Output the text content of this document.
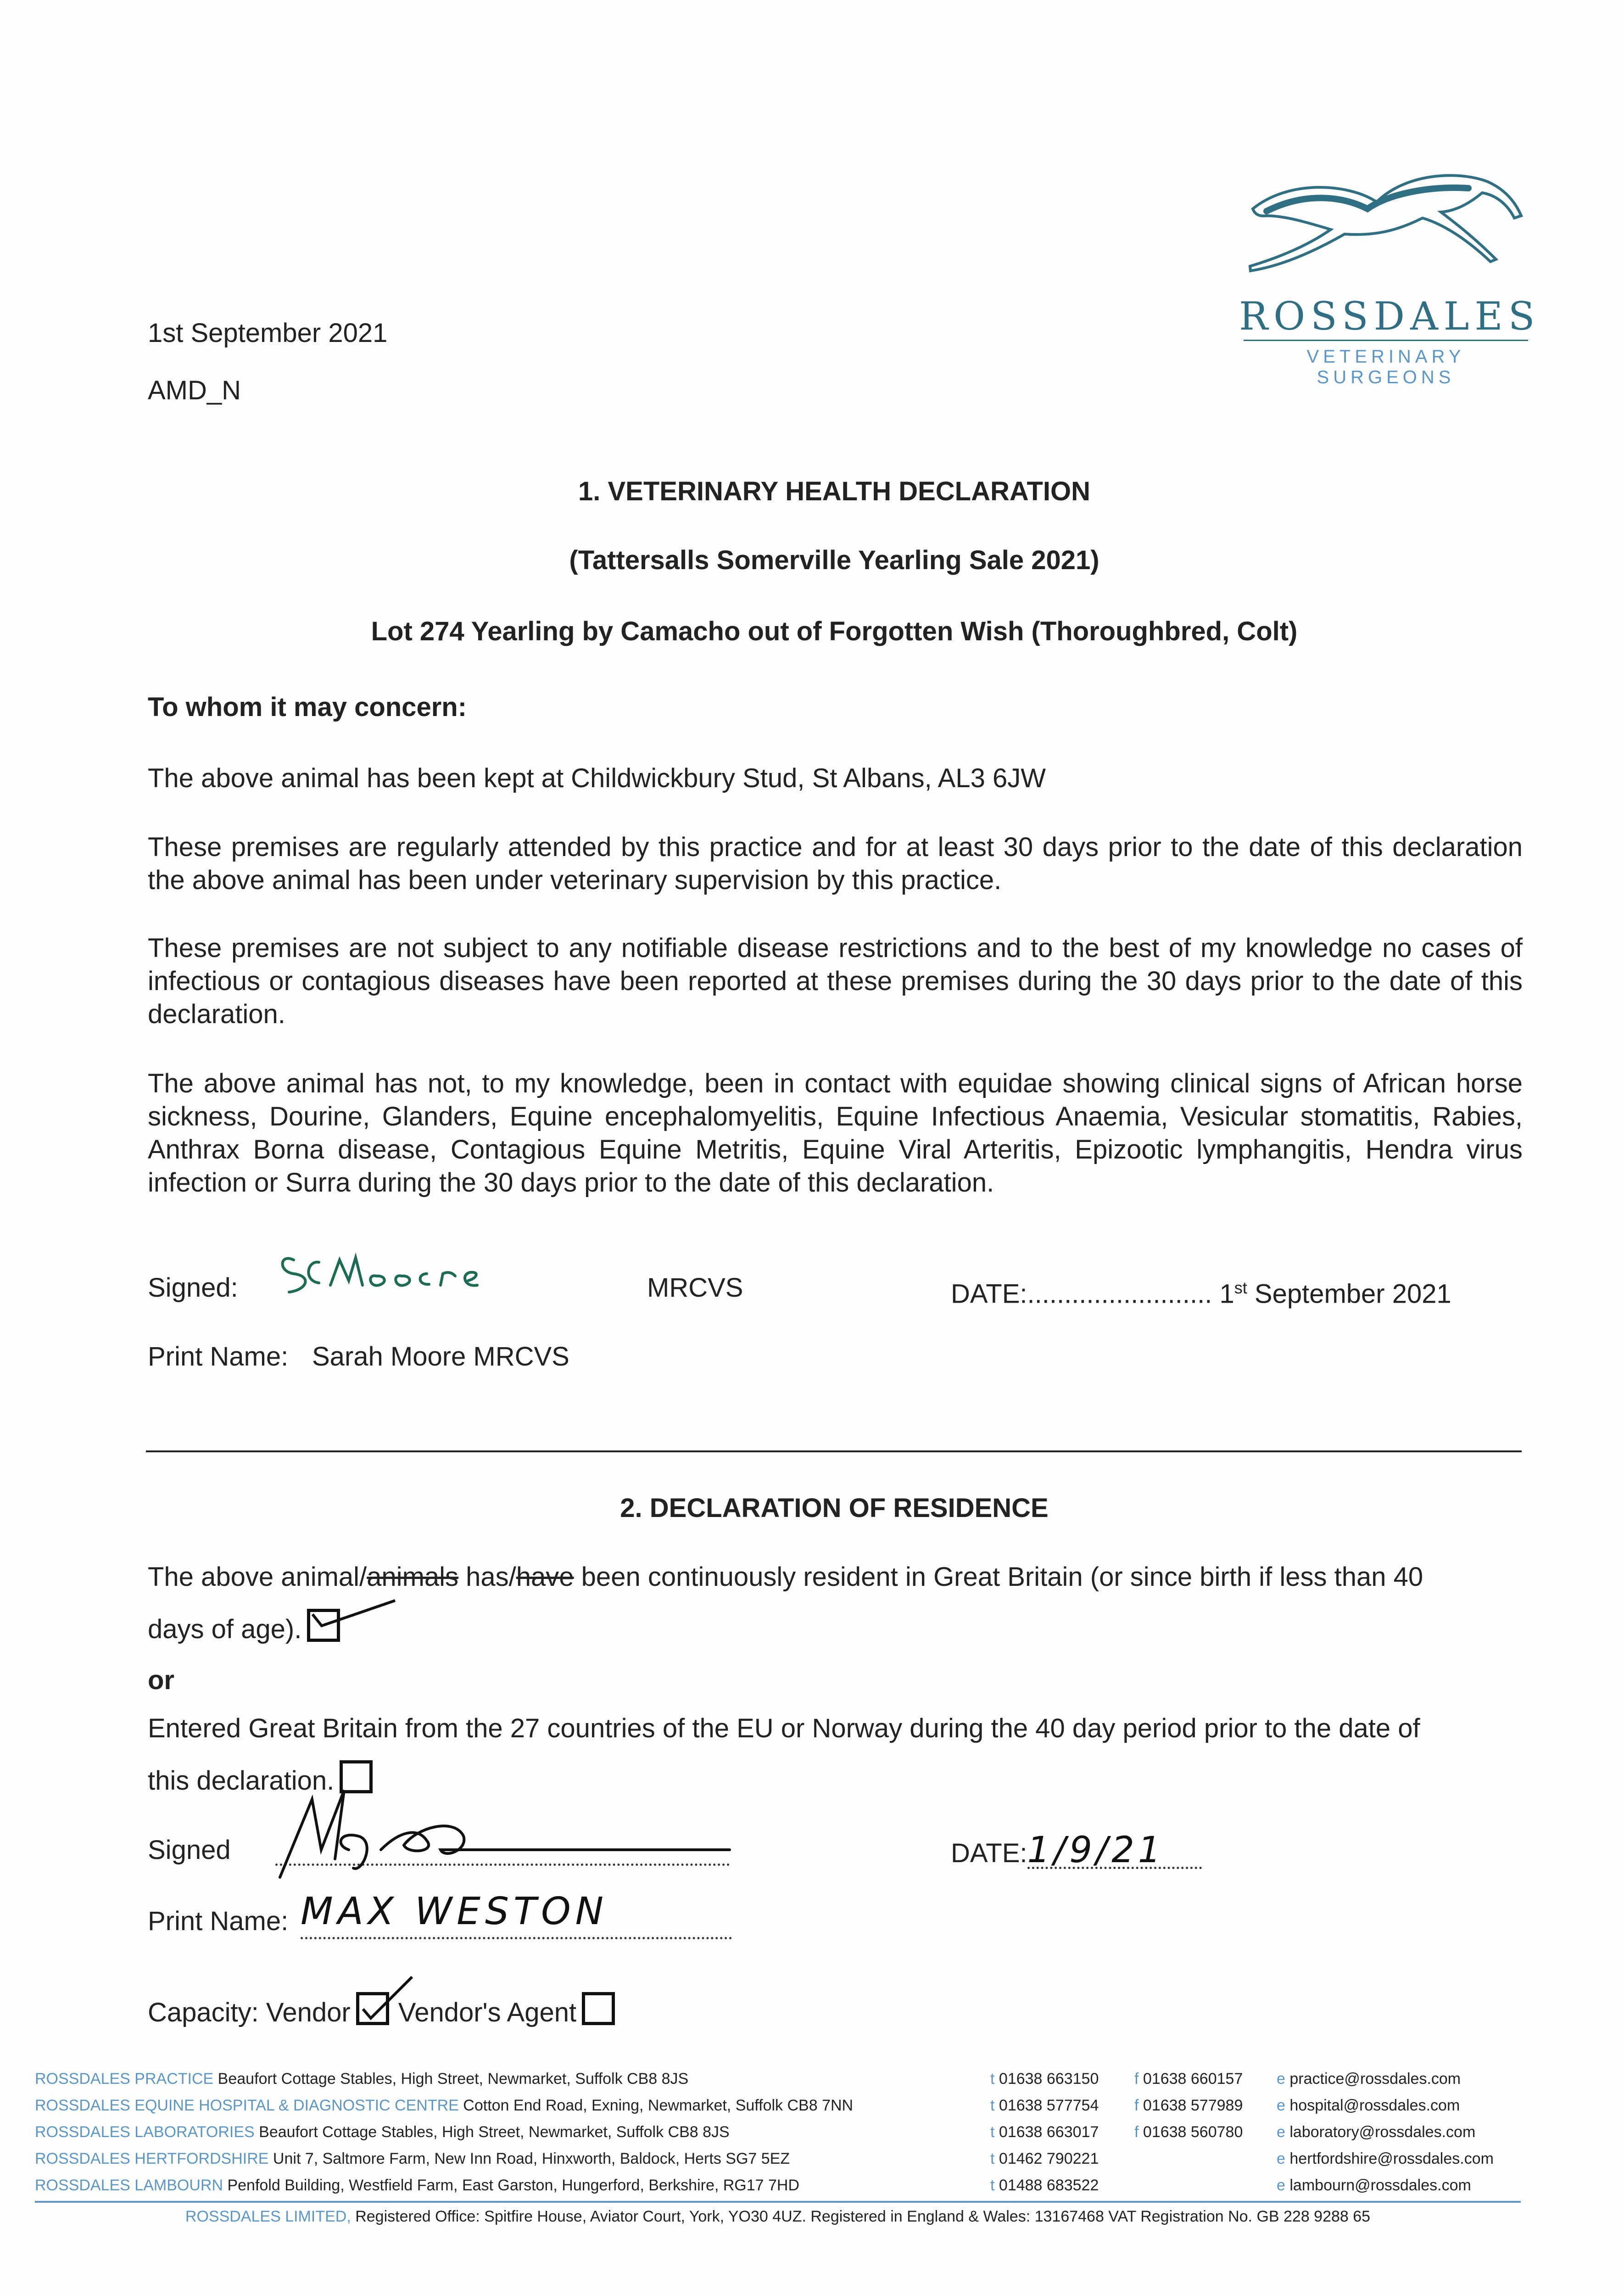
1st September 2021
AMD_N
ROSSDALES
VETERINARY SURGEONS
1. VETERINARY HEALTH DECLARATION
(Tattersalls Somerville Yearling Sale 2021)
Lot 274 Yearling by Camacho out of Forgotten Wish (Thoroughbred, Colt)
To whom it may concern:
The above animal has been kept at Childwickbury Stud, St Albans, AL3 6JW
These premises are regularly attended by this practice and for at least 30 days prior to the date of this declaration the above animal has been under veterinary supervision by this practice.
These premises are not subject to any notifiable disease restrictions and to the best of my knowledge no cases of infectious or contagious diseases have been reported at these premises during the 30 days prior to the date of this declaration.
The above animal has not, to my knowledge, been in contact with equidae showing clinical signs of African horse sickness, Dourine, Glanders, Equine encephalomyelitis, Equine Infectious Anaemia, Vesicular stomatitis, Rabies, Anthrax Borna disease, Contagious Equine Metritis, Equine Viral Arteritis, Epizootic lymphangitis, Hendra virus infection or Surra during the 30 days prior to the date of this declaration.
Signed:	MRCVS	DATE:......................... 1st September 2021
Print Name: Sarah Moore MRCVS
2. DECLARATION OF RESIDENCE
The above animal/animals has/have been continuously resident in Great Britain (or since birth if less than 40
days of age).
or
Entered Great Britain from the 27 countries of the EU or Norway during the 40 day period prior to the date of
this declaration.
Signed	DATE:1/9/21
Print Name: MAX WESTON
Capacity: Vendor Vendor's Agent
ROSSDALES PRACTICE Beaufort Cottage Stables, High Street, Newmarket, Suffolk CB8 8JS	t 01638 663150 f 01638 660157 e practice@rossdales.com
ROSSDALES EQUINE HOSPITAL & DIAGNOSTIC CENTRE Cotton End Road, Exning, Newmarket, Suffolk CB8 7NN	t 01638 577754 f 01638 577989 e hospital@rossdales.com
ROSSDALES LABORATORIES Beaufort Cottage Stables, High Street, Newmarket, Suffolk CB8 8JS	t 01638 663017 f 01638 560780 e laboratory@rossdales.com
ROSSDALES HERTFORDSHIRE Unit 7, Saltmore Farm, New Inn Road, Hinxworth, Baldock, Herts SG7 5EZ	t 01462 790221	e hertfordshire@rossdales.com
ROSSDALES LAMBOURN Penfold Building, Westfield Farm, East Garston, Hungerford, Berkshire, RG17 7HD	t 01488 683522	e lambourn@rossdales.com
ROSSDALES LIMITED, Registered Office: Spitfire House, Aviator Court, York, YO30 4UZ. Registered in England & Wales: 13167468 VAT Registration No. GB 228 9288 65
